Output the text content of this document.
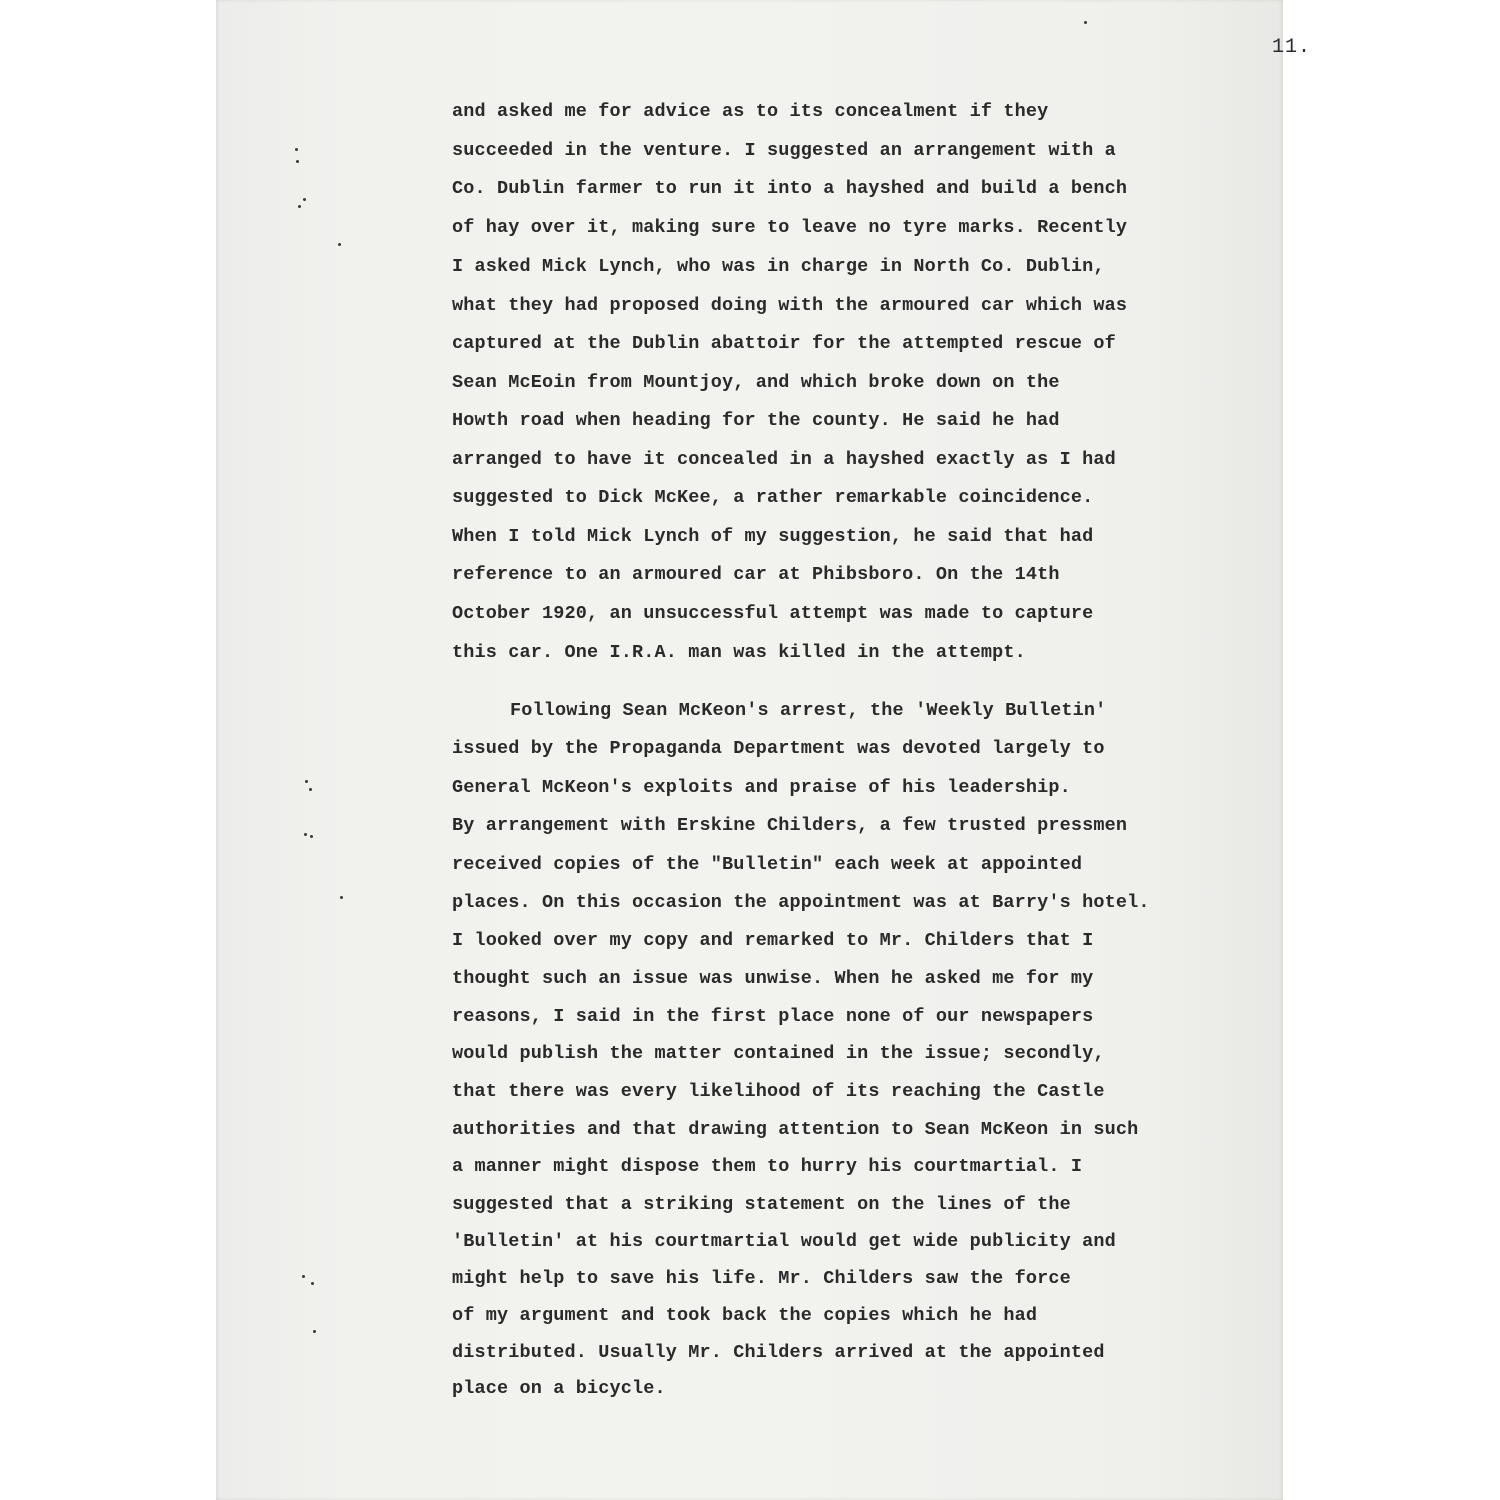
11.
and asked me for advice as to its concealment if they
succeeded in the venture. I suggested an arrangement with a
Co. Dublin farmer to run it into a hayshed and build a bench
of hay over it, making sure to leave no tyre marks. Recently
I asked Mick Lynch, who was in charge in North Co. Dublin,
what they had proposed doing with the armoured car which was
captured at the Dublin abattoir for the attempted rescue of
Sean McEoin from Mountjoy, and which broke down on the
Howth road when heading for the county. He said he had
arranged to have it concealed in a hayshed exactly as I had
suggested to Dick McKee, a rather remarkable coincidence.
When I told Mick Lynch of my suggestion, he said that had
reference to an armoured car at Phibsboro. On the 14th
October 1920, an unsuccessful attempt was made to capture
this car. One I.R.A. man was killed in the attempt.
Following Sean McKeon's arrest, the 'Weekly Bulletin'
issued by the Propaganda Department was devoted largely to
General McKeon's exploits and praise of his leadership.
By arrangement with Erskine Childers, a few trusted pressmen
received copies of the "Bulletin" each week at appointed
places. On this occasion the appointment was at Barry's hotel.
I looked over my copy and remarked to Mr. Childers that I
thought such an issue was unwise. When he asked me for my
reasons, I said in the first place none of our newspapers
would publish the matter contained in the issue; secondly,
that there was every likelihood of its reaching the Castle
authorities and that drawing attention to Sean McKeon in such
a manner might dispose them to hurry his courtmartial. I
suggested that a striking statement on the lines of the
'Bulletin' at his courtmartial would get wide publicity and
might help to save his life. Mr. Childers saw the force
of my argument and took back the copies which he had
distributed. Usually Mr. Childers arrived at the appointed
place on a bicycle.
